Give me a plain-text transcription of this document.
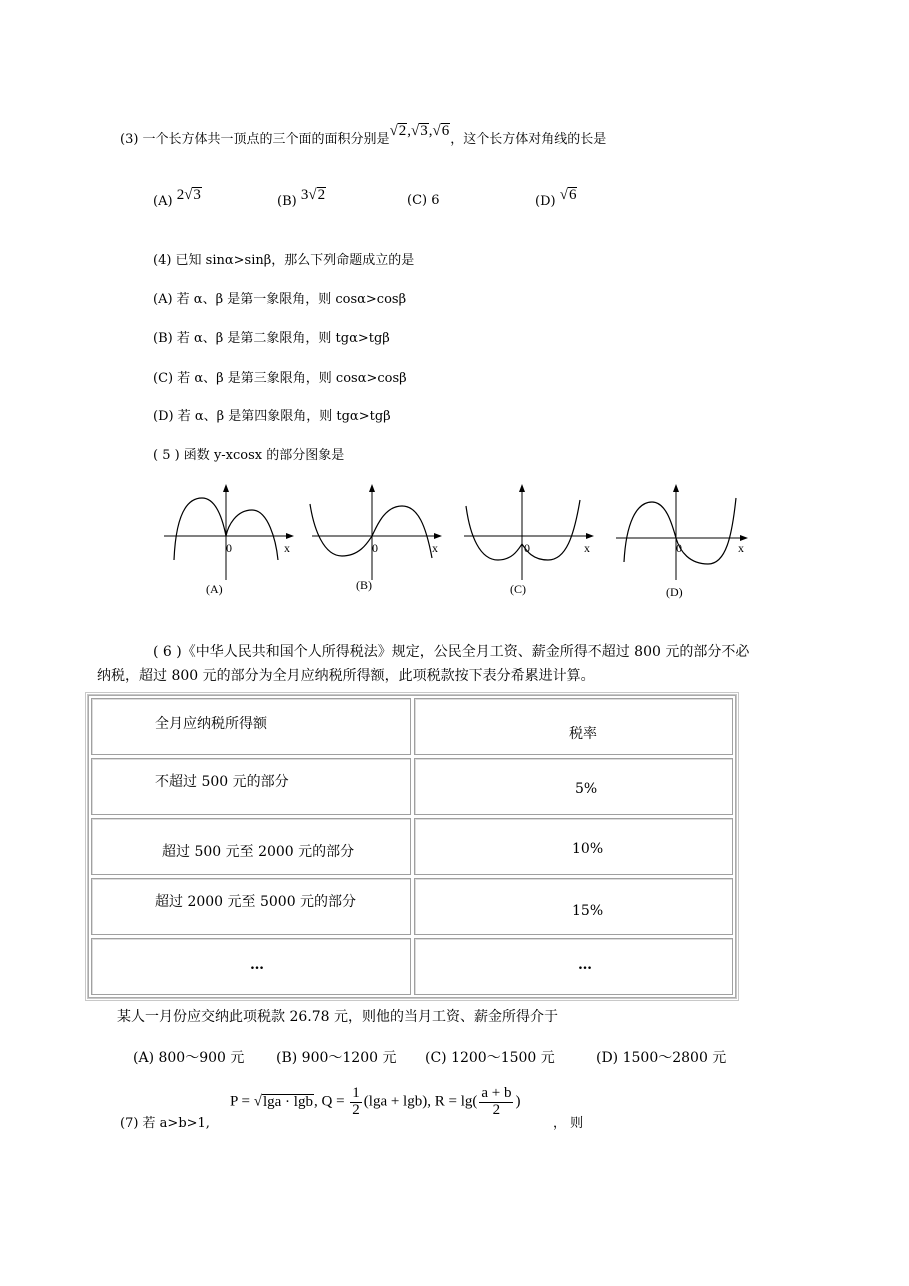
(3) 一个长方体共一顶点的三个面的面积分别是√2,√3,√6，这个长方体对角线的长是
(A) 2√3	(B) 3√2	(C) 6	(D) √6
(4) 已知 sinα>sinβ，那么下列命题成立的是
(A) 若 α、β 是第一象限角，则 cosα>cosβ
(B) 若 α、β 是第二象限角，则 tgα>tgβ
(C) 若 α、β 是第三象限角，则 cosα>cosβ
(D) 若 α、β 是第四象限角，则 tgα>tgβ
( 5 ) 函数 y-xcosx 的部分图象是
0	x
(A)
0	x
(B)
0	x
(C)
0	x
(D)
( 6 )《中华人民共和国个人所得税法》规定，公民全月工资、薪金所得不超过 800 元的部分不必
纳税，超过 800 元的部分为全月应纳税所得额，此项税款按下表分希累进计算。
全月应纳税所得额	税率

不超过 500 元的部分	5%

超过 500 元至 2000 元的部分	10%

超过 2000 元至 5000 元的部分	15%

…	…
某人一月份应交纳此项税款 26.78 元，则他的当月工资、薪金所得介于
(A) 800～900 元 (B) 900～1200 元 (C) 1200～1500 元	(D) 1500～2800 元
(7) 若 a>b>1,
P = √lga · lgb, $Q = \frac{1}{2} (\lg a + \lg b)$, $R = \lg( \frac{a + b}{2}$ )
， 则
